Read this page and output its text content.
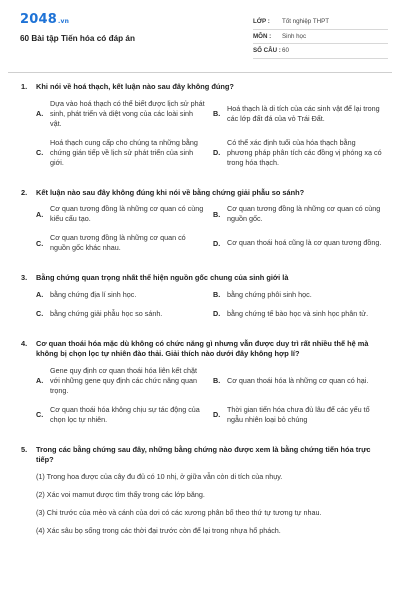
2048.vn
60 Bài tập Tiến hóa có đáp án
LỚP :	Tốt nghiệp THPT
MÔN :	Sinh học
SỐ CÂU : 60
1.	Khi nói về hoá thạch, kết luận nào sau đây không đúng?
A.
Dựa vào hoá thạch có thể biết được lịch sử phát sinh, phát triển và diệt vong của các loài sinh vật.
B.
Hoá thạch là di tích của các sinh vật để lại trong các lớp đất đá của vỏ Trái Đất.
C.
Hoá thạch cung cấp cho chúng ta những bằng chứng gián tiếp về lịch sử phát triển của sinh giới.
D.
Có thể xác định tuổi của hóa thạch bằng phương pháp phân tích các đồng vị phóng xạ có trong hóa thạch.
2.	Kết luận nào sau đây không đúng khi nói về bằng chứng giải phẫu so sánh?
A.
Cơ quan tương đồng là những cơ quan có cùng kiểu cấu tạo.	B.
Cơ quan tương đồng là những cơ quan có cùng nguồn gốc.
C.
Cơ quan tương đồng là những cơ quan có nguồn gốc khác nhau.	D. Cơ quan thoái hoá cũng là cơ quan tương đồng.
3.	Bằng chứng quan trọng nhất thể hiện nguồn gốc chung của sinh giới là
A. bằng chứng địa lí sinh học.	B. bằng chứng phôi sinh học.
C. bằng chứng giải phẫu học so sánh.	D. bằng chứng tế bào học và sinh học phân tử.
4.	Cơ quan thoái hóa mặc dù không có chức năng gì nhưng vẫn được duy trì rất nhiều thế hệ mà không bị chọn lọc tự nhiên đào thải. Giải thích nào dưới đây không hợp lí?
A.
Gene quy định cơ quan thoái hóa liên kết chặt với những gene quy định các chức năng quan trọng.
B. Cơ quan thoái hóa là những cơ quan có hại.
C.
Cơ quan thoái hóa không chịu sự tác động của chọn lọc tự nhiên.	D.
Thời gian tiến hóa chưa đủ lâu để các yếu tố ngẫu nhiên loại bỏ chúng
5.	Trong các bằng chứng sau đây, những bằng chứng nào được xem là bằng chứng tiến hóa trực tiếp?
(1) Trong hoa được của cây đu đủ có 10 nhị, ở giữa vẫn còn di tích của nhụy.
(2) Xác voi mamut được tìm thấy trong các lớp băng.
(3) Chi trước của mèo và cánh của dơi có các xương phân bố theo thứ tự tương tự nhau.
(4) Xác sâu bọ sống trong các thời đại trước còn để lại trong nhựa hổ phách.
